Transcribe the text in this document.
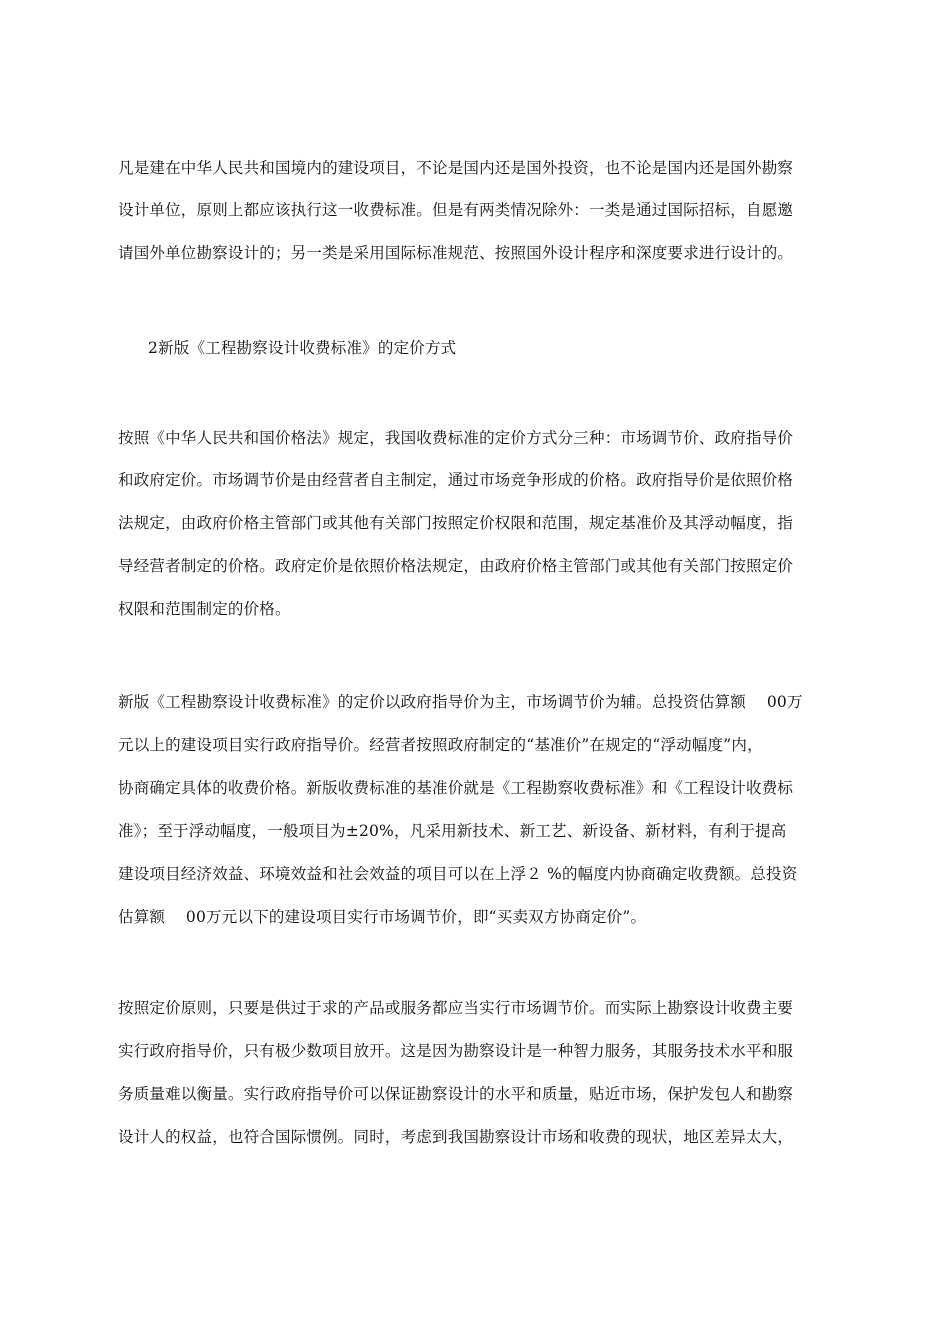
凡是建在中华人民共和国境内的建设项目，不论是国内还是国外投资，也不论是国内还是国外勘察
设计单位，原则上都应该执行这一收费标准。但是有两类情况除外：一类是通过国际招标，自愿邀
请国外单位勘察设计的；另一类是采用国际标准规范、按照国外设计程序和深度要求进行设计的。
2新版《工程勘察设计收费标准》的定价方式
按照《中华人民共和国价格法》规定，我国收费标准的定价方式分三种：市场调节价、政府指导价
和政府定价。市场调节价是由经营者自主制定，通过市场竞争形成的价格。政府指导价是依照价格
法规定，由政府价格主管部门或其他有关部门按照定价权限和范围，规定基准价及其浮动幅度，指
导经营者制定的价格。政府定价是依照价格法规定，由政府价格主管部门或其他有关部门按照定价
权限和范围制定的价格。
新版《工程勘察设计收费标准》的定价以政府指导价为主，市场调节价为辅。总投资估算额　 00万
元以上的建设项目实行政府指导价。经营者按照政府制定的“基准价”在规定的“浮动幅度”内，
协商确定具体的收费价格。新版收费标准的基准价就是《工程勘察收费标准》和《工程设计收费标
准》；至于浮动幅度，一般项目为±20%，凡采用新技术、新工艺、新设备、新材料，有利于提高
建设项目经济效益、环境效益和社会效益的项目可以在上浮２ %的幅度内协商确定收费额。总投资
估算额　 00万元以下的建设项目实行市场调节价，即“买卖双方协商定价”。
按照定价原则，只要是供过于求的产品或服务都应当实行市场调节价。而实际上勘察设计收费主要
实行政府指导价，只有极少数项目放开。这是因为勘察设计是一种智力服务，其服务技术水平和服
务质量难以衡量。实行政府指导价可以保证勘察设计的水平和质量，贴近市场，保护发包人和勘察
设计人的权益，也符合国际惯例。同时，考虑到我国勘察设计市场和收费的现状，地区差异太大，
